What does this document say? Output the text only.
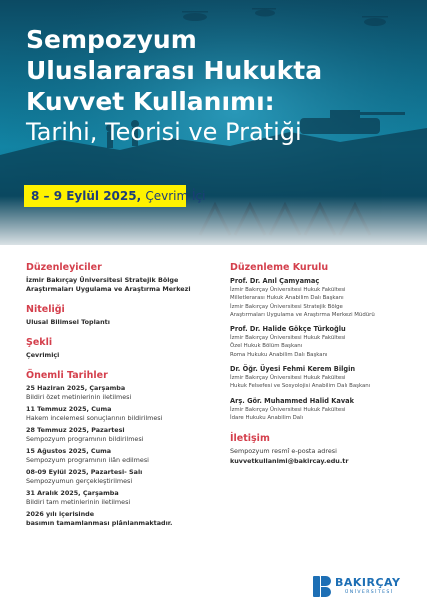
Sempozyum
Uluslararası Hukukta
Kuvvet Kullanımı:
Tarihi, Teorisi ve Pratiği
8 – 9 Eylül 2025, Çevrim İçi
Düzenleyiciler
İzmir Bakırçay Üniversitesi Stratejik Bölge
Araştırmaları Uygulama ve Araştırma Merkezi
Niteliği
Ulusal Bilimsel Toplantı
Şekli
Çevrimiçi
Önemli Tarihler
25 Haziran 2025, Çarşamba
Bildiri özet metinlerinin iletilmesi
11 Temmuz 2025, Cuma
Hakem incelemesi sonuçlarının bildirilmesi
28 Temmuz 2025, Pazartesi
Sempozyum programının bildirilmesi
15 Ağustos 2025, Cuma
Sempozyum programının ilân edilmesi
08-09 Eylül 2025, Pazartesi- Salı
Sempozyumun gerçekleştirilmesi
31 Aralık 2025, Çarşamba
Bildiri tam metinlerinin iletilmesi
2026 yılı içerisinde
basımın tamamlanması plânlanmaktadır.
Düzenleme Kurulu
Prof. Dr. Anıl Çamyamaç
İzmir Bakırçay Üniversitesi Hukuk Fakültesi
Milletlerarası Hukuk Anabilim Dalı Başkanı
İzmir Bakırçay Üniversitesi Stratejik Bölge
Araştırmaları Uygulama ve Araştırma Merkezi Müdürü
Prof. Dr. Halide Gökçe Türkoğlu
İzmir Bakırçay Üniversitesi Hukuk Fakültesi
Özel Hukuk Bölüm Başkanı
Roma Hukuku Anabilim Dalı Başkanı
Dr. Öğr. Üyesi Fehmi Kerem Bilgin
İzmir Bakırçay Üniversitesi Hukuk Fakültesi
Hukuk Felsefesi ve Sosyolojisi Anabilim Dalı Başkanı
Arş. Gör. Muhammed Halid Kavak
İzmir Bakırçay Üniversitesi Hukuk Fakültesi
İdare Hukuku Anabilim Dalı
İletişim
Sempozyum resmî e-posta adresi
kuvvetkullanimi@bakircay.edu.tr
BAKIRÇAY
ÜNİVERSİTESİ
